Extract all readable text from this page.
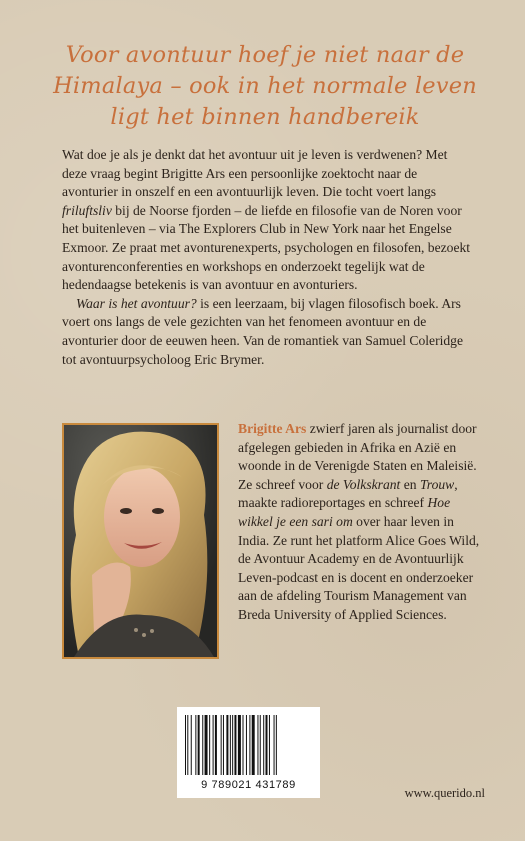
Voor avontuur hoef je niet naar de
Himalaya – ook in het normale leven
ligt het binnen handbereik

Wat doe je als je denkt dat het avontuur uit je leven is verdwenen? Met deze vraag begint Brigitte Ars een persoonlijke zoektocht naar de avonturier in onszelf en een avontuurlijk leven. Die tocht voert langs friluftsliv bij de Noorse fjorden – de liefde en filosofie van de Noren voor het buitenleven – via The Explorers Club in New York naar het Engelse Exmoor. Ze praat met avonturenexperts, psychologen en filosofen, bezoekt avonturenconferenties en workshops en onderzoekt tegelijk wat de hedendaagse betekenis is van avontuur en avonturiers.

Waar is het avontuur? is een leerzaam, bij vlagen filosofisch boek. Ars voert ons langs de vele gezichten van het fenomeen avontuur en de avonturier door de eeuwen heen. Van de romantiek van Samuel Coleridge tot avontuurpsycholoog Eric Brymer.

Brigitte Ars zwierf jaren als journalist door afgelegen gebieden in Afrika en Azië en woonde in de Verenigde Staten en Maleisië. Ze schreef voor de Volkskrant en Trouw, maakte radioreportages en schreef Hoe wikkel je een sari om over haar leven in India. Ze runt het platform Alice Goes Wild, de Avontuur Academy en de Avontuurlijk Leven-podcast en is docent en onderzoeker aan de afdeling Tourism Management van Breda University of Applied Sciences.

9 789021 431789
www.querido.nl
